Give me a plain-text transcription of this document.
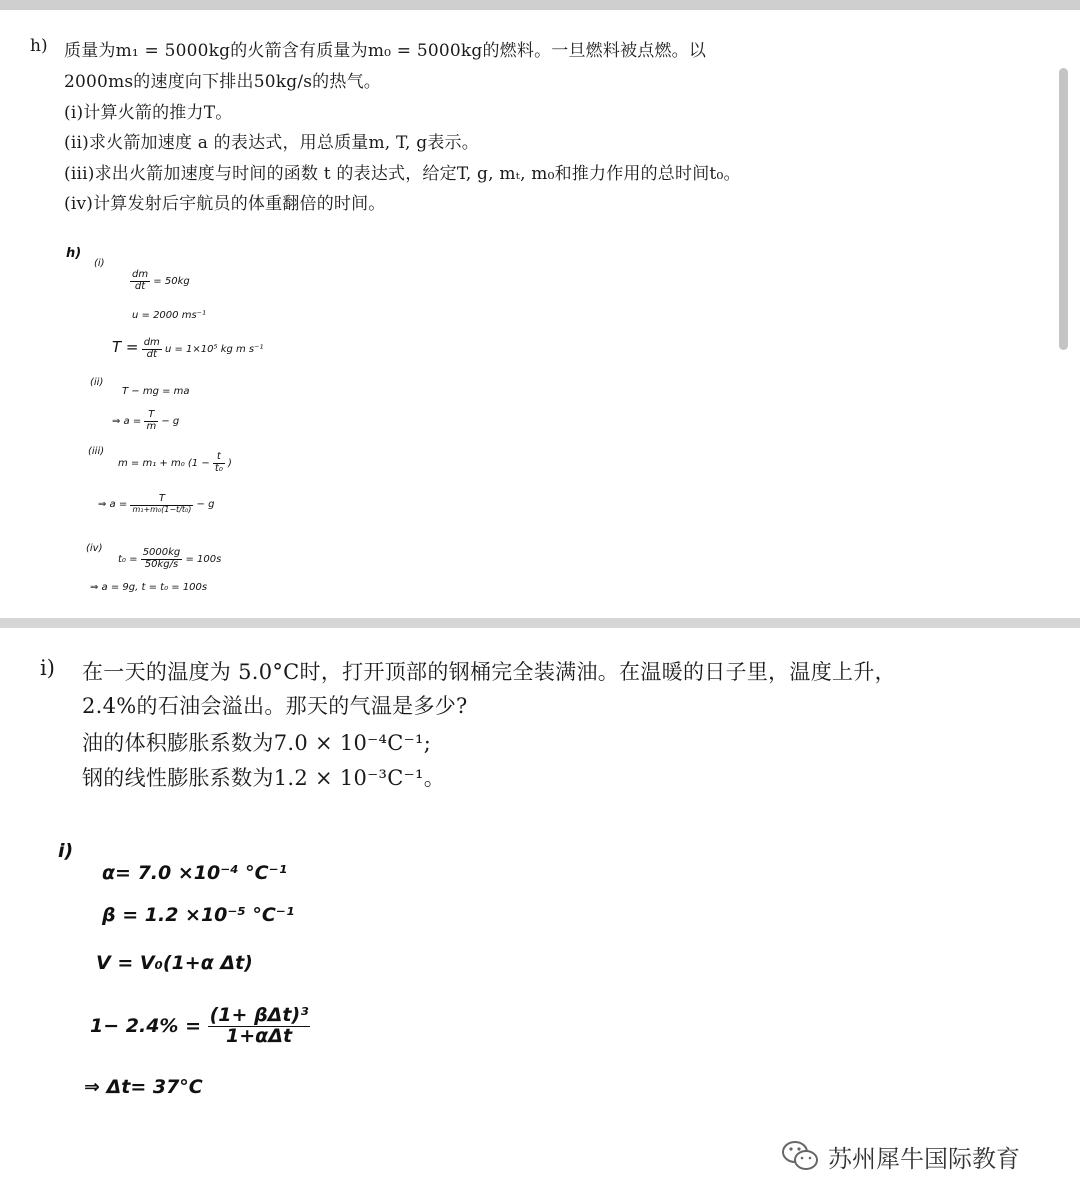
h) 质量为m₁ = 5000kg的火箭含有质量为m₀ = 5000kg的燃料。一旦燃料被点燃。以
2000ms的速度向下排出50kg/s的热气。
(i)计算火箭的推力T。
(ii)求火箭加速度 a 的表达式，用总质量m, T, g表示。
(iii)求出火箭加速度与时间的函数 t 的表达式，给定T, g, mₜ, m₀和推力作用的总时间t₀。
(iv)计算发射后宇航员的体重翻倍的时间。
h)
(i)
$\frac{dm}{dt} = 50kg$
u = 2000 ms⁻¹
$T = \frac{dm}{dt}$ u = 1×10⁵ kg m s⁻¹
(ii)
T − mg = ma
⇒ $a = \frac{T}{m} - g$
(iii)
m = m₁ + m₀ ($1 - \frac{t}{\text{t₀}}$ )
⇒ $a = \frac{T}{\text{m₁+m₀(1−t/t₀)}} - g$
(iv)
$t_0 = \frac{5000kg}{50kg/s} = 100s$
⇒ a = 9g, t = t₀ = 100s
i) 在一天的温度为 5.0°C时，打开顶部的钢桶完全装满油。在温暖的日子里，温度上升，
2.4%的石油会溢出。那天的气温是多少?
油的体积膨胀系数为7.0 × 10⁻⁴C⁻¹;
钢的线性膨胀系数为1.2 × 10⁻³C⁻¹。
i)
α= 7.0 ×10⁻⁴ °C⁻¹
β = 1.2 ×10⁻⁵ °C⁻¹
V = V₀(1+α Δt)
$1- 2.4\% = \frac{\text{(1+ βΔt)³}}{\text{1+αΔt}}$
⇒ Δt= 37°C
苏州犀牛国际教育
